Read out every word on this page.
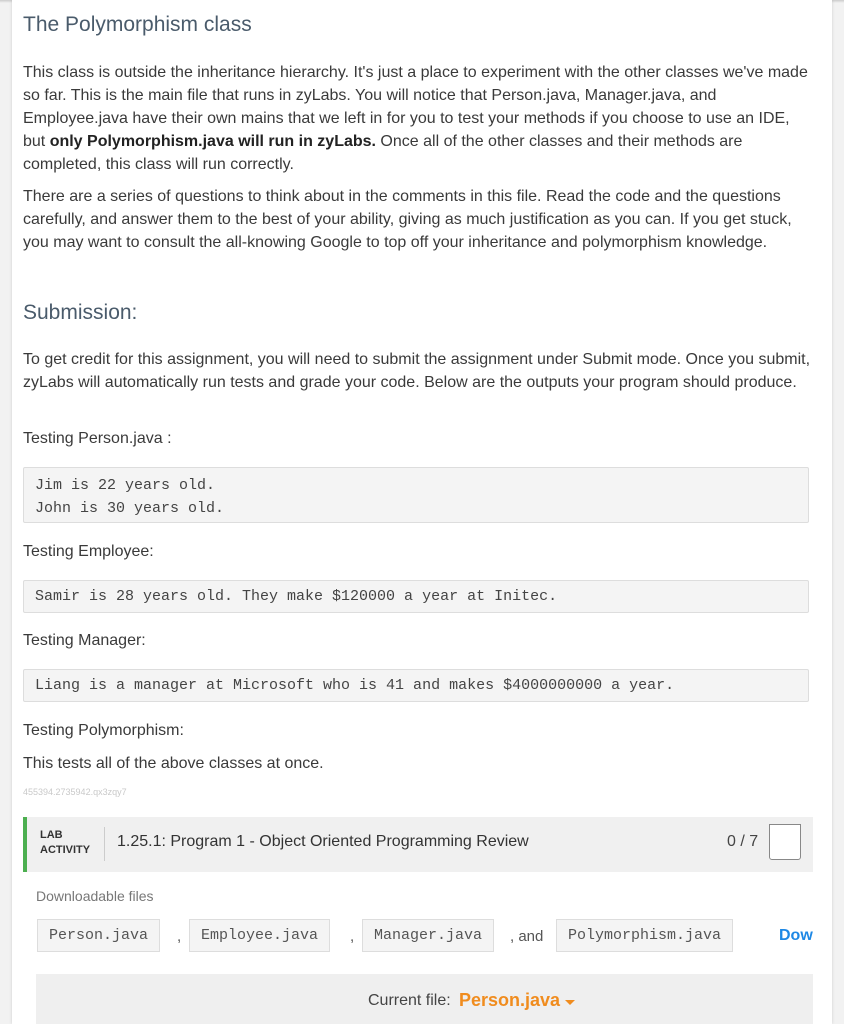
The Polymorphism class

This class is outside the inheritance hierarchy. It's just a place to experiment with the other classes we've made so far. This is the main file that runs in zyLabs. You will notice that Person.java, Manager.java, and Employee.java have their own mains that we left in for you to test your methods if you choose to use an IDE, but only Polymorphism.java will run in zyLabs. Once all of the other classes and their methods are completed, this class will run correctly.

There are a series of questions to think about in the comments in this file. Read the code and the questions carefully, and answer them to the best of your ability, giving as much justification as you can. If you get stuck, you may want to consult the all-knowing Google to top off your inheritance and polymorphism knowledge.

Submission:

To get credit for this assignment, you will need to submit the assignment under Submit mode. Once you submit, zyLabs will automatically run tests and grade your code. Below are the outputs your program should produce.

Testing Person.java :

Jim is 22 years old.
John is 30 years old.

Testing Employee:

Samir is 28 years old. They make $120000 a year at Initec.

Testing Manager:

Liang is a manager at Microsoft who is 41 and makes $4000000000 a year.

Testing Polymorphism:

This tests all of the above classes at once.

455394.2735942.qx3zqy7
LAB
ACTIVITY 1.25.1: Program 1 - Object Oriented Programming Review	0 / 7
Downloadable files
Person.java	,	Employee.java	,	Manager.java	, and	Polymorphism.java	Dow
Current file: Person.java
